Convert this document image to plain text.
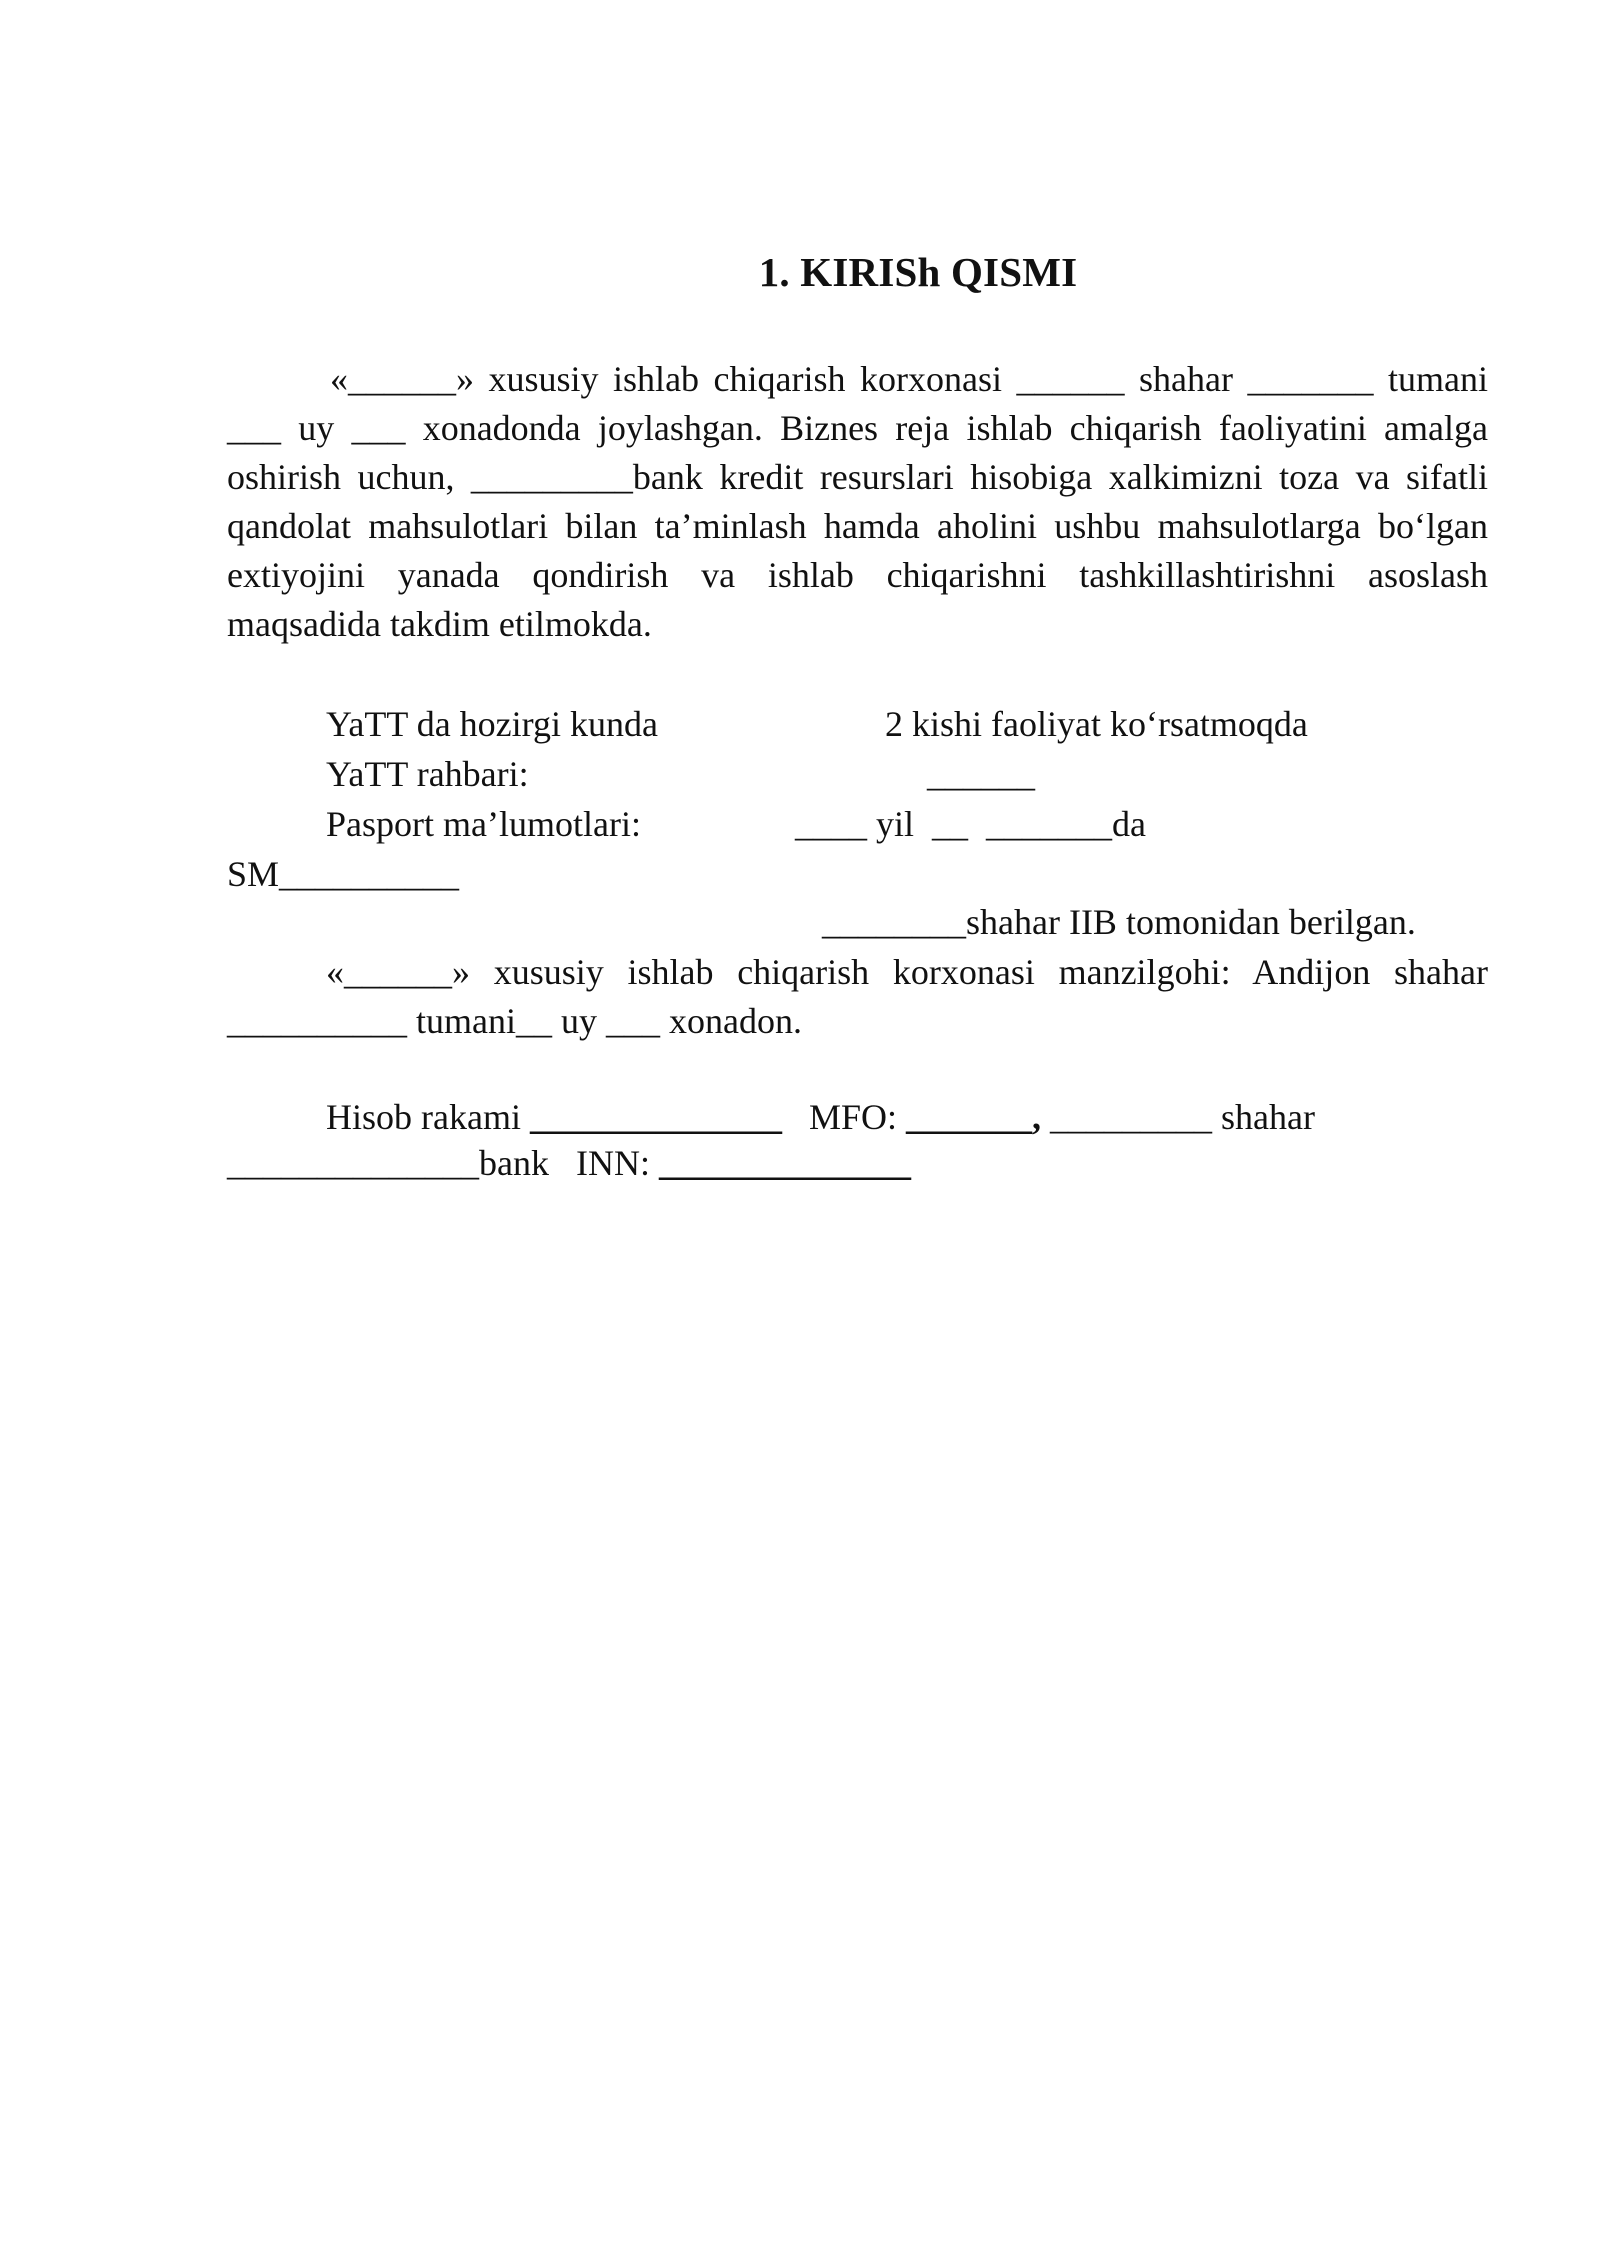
1. KIRISh QISMI
«______» xususiy ishlab chiqarish korxonasi ______ shahar _______ tumani
___ uy ___ xonadonda joylashgan. Biznes reja ishlab chiqarish faoliyatini amalga
oshirish uchun, _________bank kredit resurslari hisobiga xalkimizni toza va sifatli
qandolat mahsulotlari bilan ta’minlash hamda aholini ushbu mahsulotlarga bo‘lgan
extiyojini yanada qondirish va ishlab chiqarishni tashkillashtirishni asoslash
maqsadida takdim etilmokda.
YaTT da hozirgi kunda	2 kishi faoliyat ko‘rsatmoqda
YaTT rahbari:	______
Pasport ma’lumotlari:	____ yil  __  _______da
SM__________
________shahar IIB tomonidan berilgan.
«______» xususiy ishlab chiqarish korxonasi manzilgohi: Andijon shahar
__________ tumani__ uy ___ xonadon.
Hisob rakami ______________ MFO: _______, _________ shahar
______________bank INN: ______________
